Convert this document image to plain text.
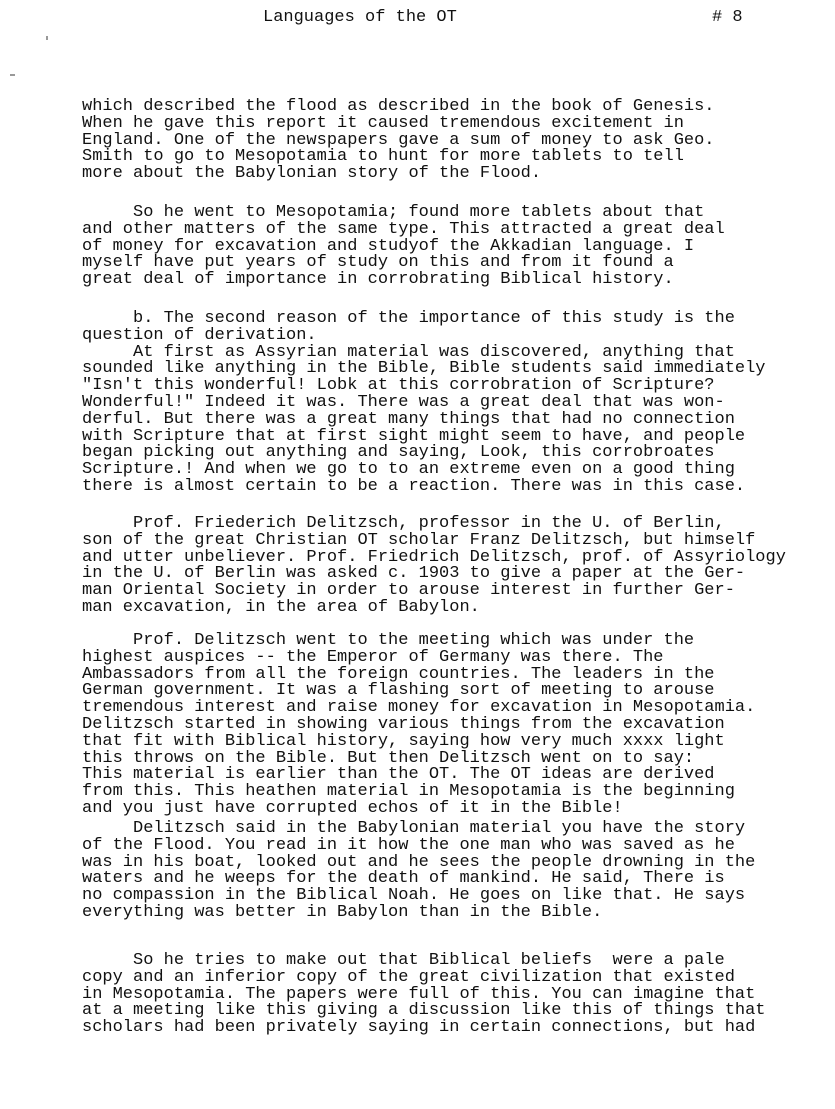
Languages of the OT	# 8
which described the flood as described in the book of Genesis.
When he gave this report it caused tremendous excitement in
England. One of the newspapers gave a sum of money to ask Geo.
Smith to go to Mesopotamia to hunt for more tablets to tell
more about the Babylonian story of the Flood.
So he went to Mesopotamia; found more tablets about that
and other matters of the same type. This attracted a great deal
of money for excavation and studyof the Akkadian language. I
myself have put years of study on this and from it found a
great deal of importance in corrobrating Biblical history.
b. The second reason of the importance of this study is the
question of derivation.
At first as Assyrian material was discovered, anything that
sounded like anything in the Bible, Bible students said immediately
"Isn't this wonderful! Lobk at this corrobration of Scripture?
Wonderful!" Indeed it was. There was a great deal that was won-
derful. But there was a great many things that had no connection
with Scripture that at first sight might seem to have, and people
began picking out anything and saying, Look, this corrobroates
Scripture.! And when we go to to an extreme even on a good thing
there is almost certain to be a reaction. There was in this case.
Prof. Friederich Delitzsch, professor in the U. of Berlin,
son of the great Christian OT scholar Franz Delitzsch, but himself
and utter unbeliever. Prof. Friedrich Delitzsch, prof. of Assyriology
in the U. of Berlin was asked c. 1903 to give a paper at the Ger-
man Oriental Society in order to arouse interest in further Ger-
man excavation, in the area of Babylon.
Prof. Delitzsch went to the meeting which was under the
highest auspices -- the Emperor of Germany was there. The
Ambassadors from all the foreign countries. The leaders in the
German government. It was a flashing sort of meeting to arouse
tremendous interest and raise money for excavation in Mesopotamia.
Delitzsch started in showing various things from the excavation
that fit with Biblical history, saying how very much xxxx light
this throws on the Bible. But then Delitzsch went on to say:
This material is earlier than the OT. The OT ideas are derived
from this. This heathen material in Mesopotamia is the beginning
and you just have corrupted echos of it in the Bible!
Delitzsch said in the Babylonian material you have the story
of the Flood. You read in it how the one man who was saved as he
was in his boat, looked out and he sees the people drowning in the
waters and he weeps for the death of mankind. He said, There is
no compassion in the Biblical Noah. He goes on like that. He says
everything was better in Babylon than in the Bible.
So he tries to make out that Biblical beliefs  were a pale
copy and an inferior copy of the great civilization that existed
in Mesopotamia. The papers were full of this. You can imagine that
at a meeting like this giving a discussion like this of things that
scholars had been privately saying in certain connections, but had
